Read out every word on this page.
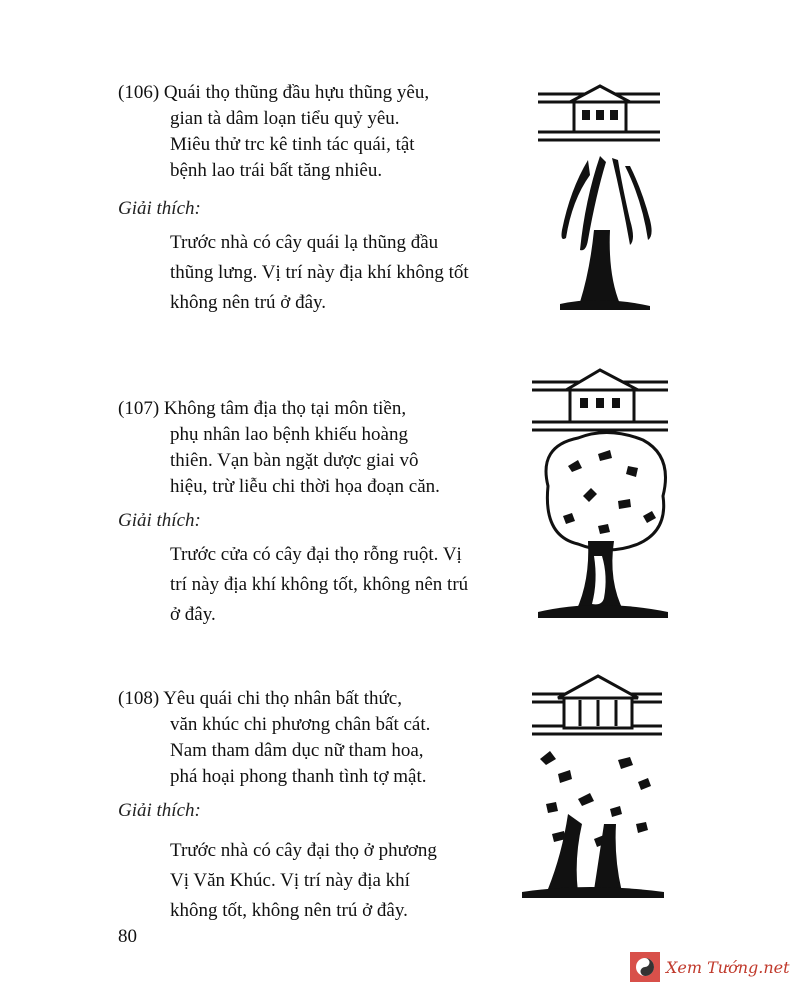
(106) Quái thọ thũng đầu hựu thũng yêu,
gian tà dâm loạn tiểu quỷ yêu.
Miêu thử trc kê tinh tác quái, tật
bệnh lao trái bất tăng nhiêu.

Giải thích:

Trước nhà có cây quái lạ thũng đầu
thũng lưng. Vị trí này địa khí không tốt
không nên trú ở đây.

(107) Không tâm địa thọ tại môn tiền,
phụ nhân lao bệnh khiếu hoàng
thiên. Vạn bàn ngặt dược giai vô
hiệu, trừ liễu chi thời họa đoạn căn.

Giải thích:

Trước cửa có cây đại thọ rỗng ruột. Vị
trí này địa khí không tốt, không nên trú
ở đây.

(108) Yêu quái chi thọ nhân bất thức,
văn khúc chi phương chân bất cát.
Nam tham dâm dục nữ tham hoa,
phá hoại phong thanh tình tợ mật.

Giải thích:

Trước nhà có cây đại thọ ở phương
Vị Văn Khúc. Vị trí này địa khí
không tốt, không nên trú ở đây.

80
Xem Tướng.net
